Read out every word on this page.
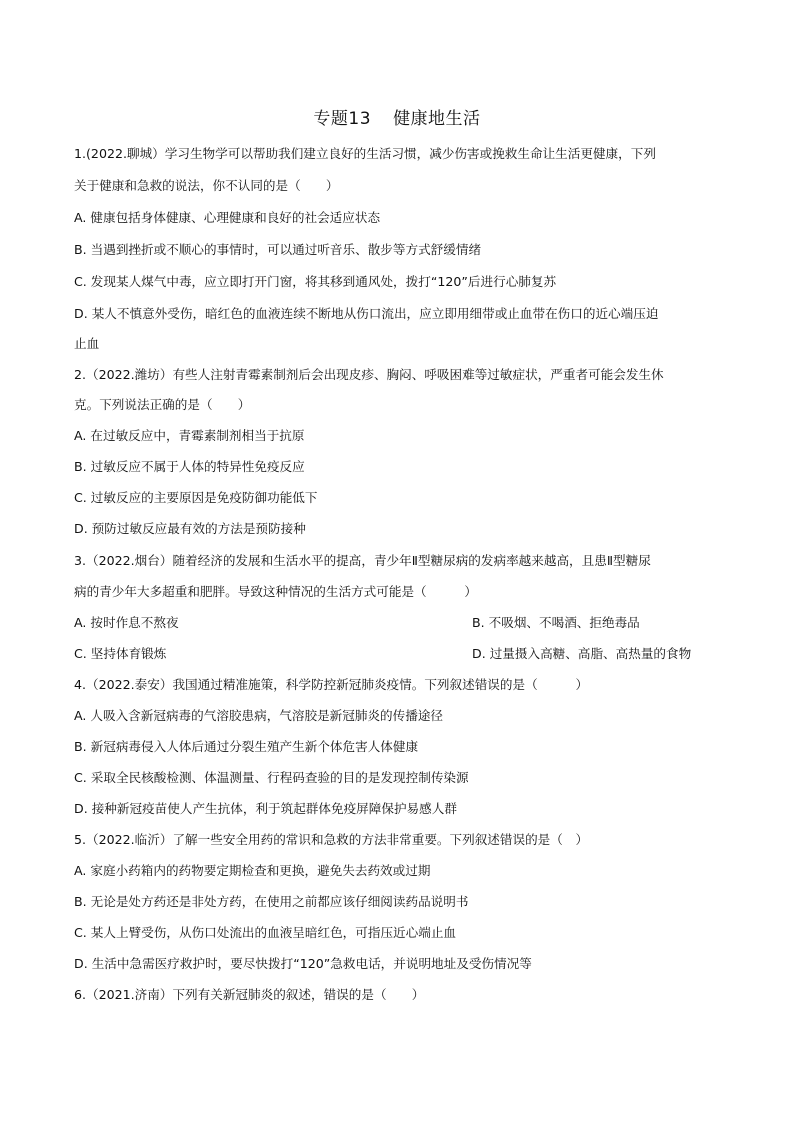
专题13 健康地生活
1.(2022.聊城）学习生物学可以帮助我们建立良好的生活习惯，减少伤害或挽救生命让生活更健康，下列
关于健康和急救的说法，你不认同的是（　　）
A. 健康包括身体健康、心理健康和良好的社会适应状态
B. 当遇到挫折或不顺心的事情时，可以通过听音乐、散步等方式舒缓情绪
C. 发现某人煤气中毒，应立即打开门窗，将其移到通风处，拨打“120”后进行心肺复苏
D. 某人不慎意外受伤，暗红色的血液连续不断地从伤口流出，应立即用细带或止血带在伤口的近心端压迫
止血
2.（2022.潍坊）有些人注射青霉素制剂后会出现皮疹、胸闷、呼吸困难等过敏症状，严重者可能会发生休
克。下列说法正确的是（　　）
A. 在过敏反应中，青霉素制剂相当于抗原
B. 过敏反应不属于人体的特异性免疫反应
C. 过敏反应的主要原因是免疫防御功能低下
D. 预防过敏反应最有效的方法是预防接种
3.（2022.烟台）随着经济的发展和生活水平的提高，青少年Ⅱ型糖尿病的发病率越来越高，且患Ⅱ型糖尿
病的青少年大多超重和肥胖。导致这种情况的生活方式可能是（　　　）
A. 按时作息不熬夜	B. 不吸烟、不喝酒、拒绝毒品
C. 坚持体育锻炼	D. 过量摄入高糖、高脂、高热量的食物
4.（2022.泰安）我国通过精准施策，科学防控新冠肺炎疫情。下列叙述错误的是（　　　）
A. 人吸入含新冠病毒的气溶胶患病，气溶胶是新冠肺炎的传播途径
B. 新冠病毒侵入人体后通过分裂生殖产生新个体危害人体健康
C. 采取全民核酸检测、体温测量、行程码查验的目的是发现控制传染源
D. 接种新冠疫苗使人产生抗体，利于筑起群体免疫屏障保护易感人群
5.（2022.临沂）了解一些安全用药的常识和急救的方法非常重要。下列叙述错误的是（　）
A. 家庭小药箱内的药物要定期检查和更换，避免失去药效或过期
B. 无论是处方药还是非处方药，在使用之前都应该仔细阅读药品说明书
C. 某人上臂受伤，从伤口处流出的血液呈暗红色，可指压近心端止血
D. 生活中急需医疗救护时，要尽快拨打“120”急救电话，并说明地址及受伤情况等
6.（2021.济南）下列有关新冠肺炎的叙述，错误的是（　　）
